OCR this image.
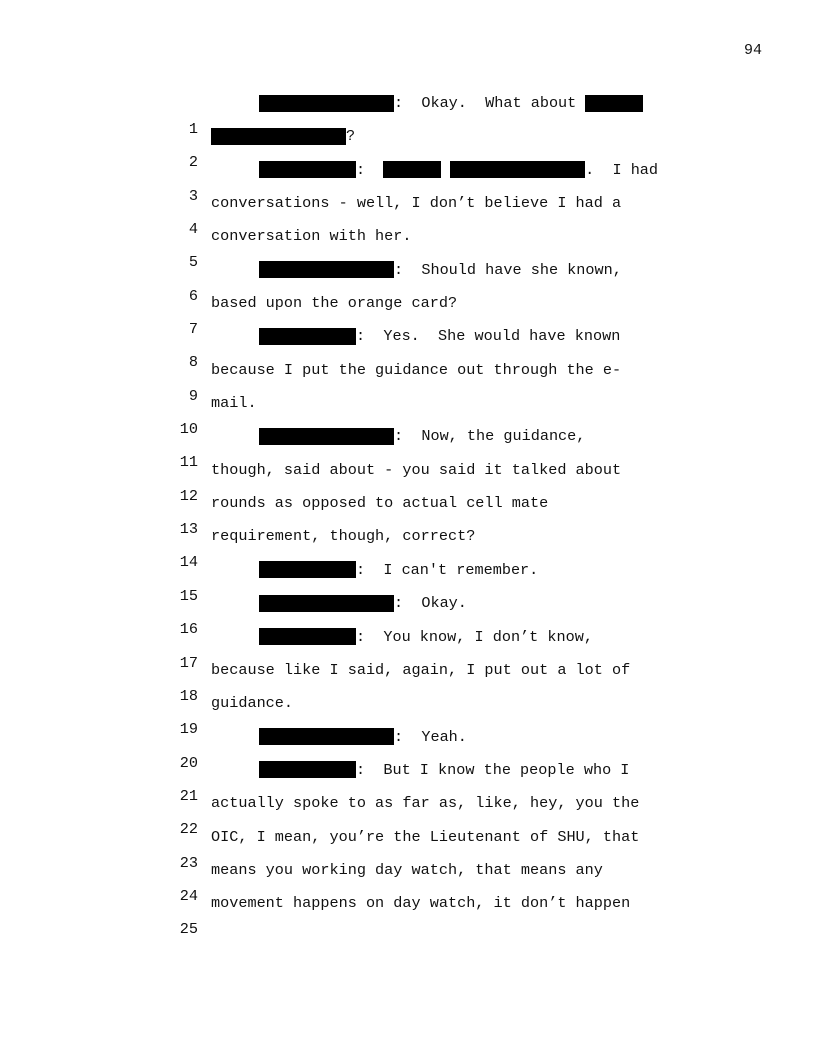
94

1

:  Okay.  What about

2

?

3

:	.  I had

4

conversations - well, I don’t believe I had a

5

conversation with her.

6

:  Should have she known,

7

based upon the orange card?

8

:  Yes.  She would have known

9

because I put the guidance out through the e-

10

mail.

11

:  Now, the guidance,

12

though, said about - you said it talked about

13

rounds as opposed to actual cell mate

14

requirement, though, correct?

15

:  I can't remember.

16

:  Okay.

17

:  You know, I don’t know,

18

because like I said, again, I put out a lot of

19

guidance.

20

:  Yeah.

21

:  But I know the people who I

22

actually spoke to as far as, like, hey, you the

23

OIC, I mean, you’re the Lieutenant of SHU, that

24

means you working day watch, that means any

25

movement happens on day watch, it don’t happen
